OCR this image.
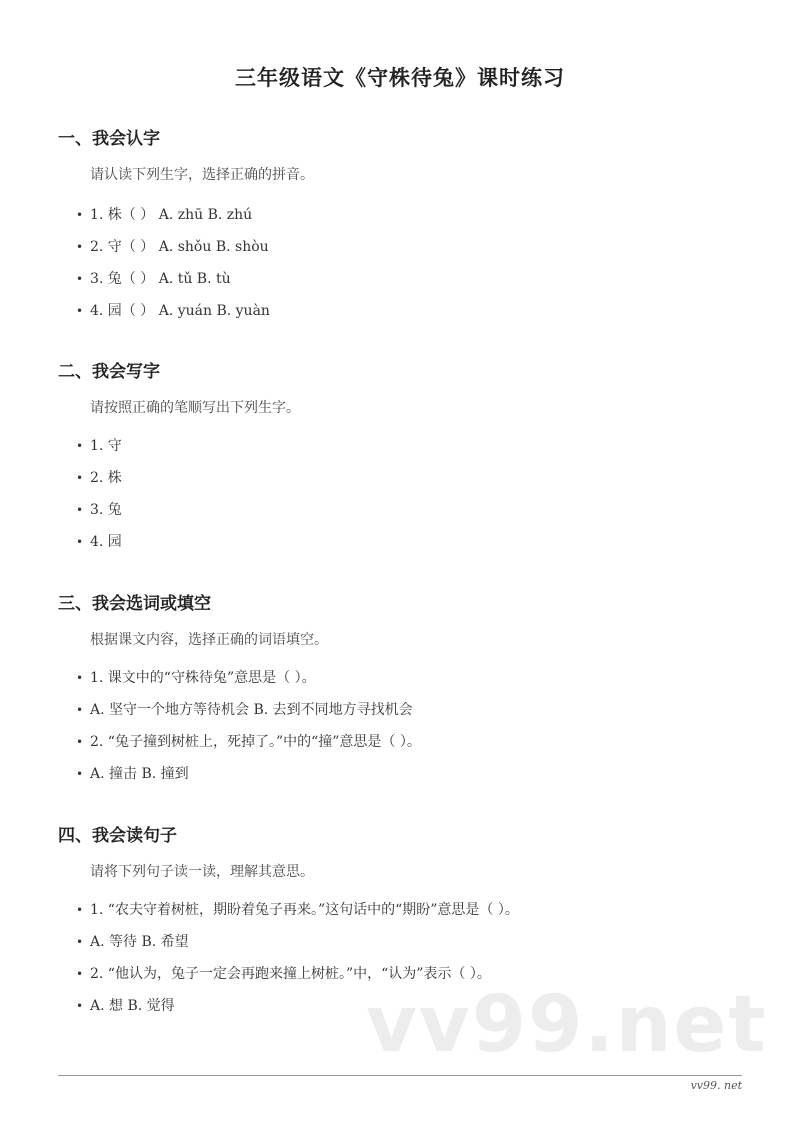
三年级语文《守株待兔》课时练习
一、我会认字
请认读下列生字，选择正确的拼音。
• 1. 株（ ） A. zhū B. zhú
• 2. 守（ ） A. shǒu B. shòu
• 3. 兔（ ） A. tǔ B. tù
• 4. 园（ ） A. yuán B. yuàn
二、我会写字
请按照正确的笔顺写出下列生字。
• 1. 守
• 2. 株
• 3. 兔
• 4. 园
三、我会选词或填空
根据课文内容，选择正确的词语填空。
• 1. 课文中的“守株待兔”意思是（ ）。
• A. 坚守一个地方等待机会 B. 去到不同地方寻找机会
• 2. “兔子撞到树桩上，死掉了。”中的“撞”意思是（ ）。
• A. 撞击 B. 撞到
四、我会读句子
请将下列句子读一读，理解其意思。
• 1. “农夫守着树桩，期盼着兔子再来。”这句话中的“期盼”意思是（ ）。
• A. 等待 B. 希望
• 2. “他认为，兔子一定会再跑来撞上树桩。”中，“认为”表示（ ）。
• A. 想 B. 觉得 vv99.net
vv99. net
